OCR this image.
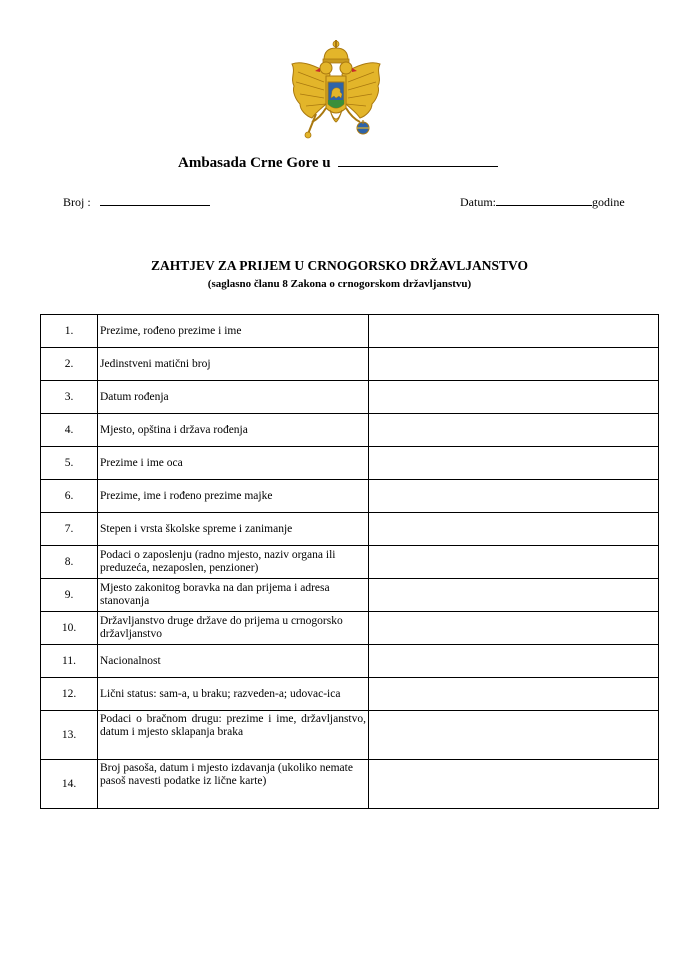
Ambasada Crne Gore u
Broj :	Datum:	godine
ZAHTJEV ZA PRIJEM U CRNOGORSKO DRŽAVLJANSTVO
(saglasno članu 8 Zakona o crnogorskom državljanstvu)
1.	Prezime, rođeno prezime i ime	
2.	Jedinstveni matični broj	
3.	Datum rođenja	
4.	Mjesto, opština i država rođenja	
5.	Prezime i ime oca	
6.	Prezime, ime i rođeno prezime majke	
7.	Stepen i vrsta školske spreme i zanimanje	
8.	Podaci o zaposlenju (radno mjesto, naziv organa ili preduzeća, nezaposlen, penzioner)	
9.	Mjesto zakonitog boravka na dan prijema i adresa stanovanja	
10.	Državljanstvo druge države do prijema u crnogorsko državljanstvo	
11.	Nacionalnost	
12.	Lični status: sam-a, u braku; razveden-a; udovac-ica	
13.	Podaci o bračnom drugu: prezime i ime, državljanstvo, datum i mjesto sklapanja braka	
14.	Broj pasoša, datum i mjesto izdavanja (ukoliko nemate pasoš navesti podatke iz lične karte)	
